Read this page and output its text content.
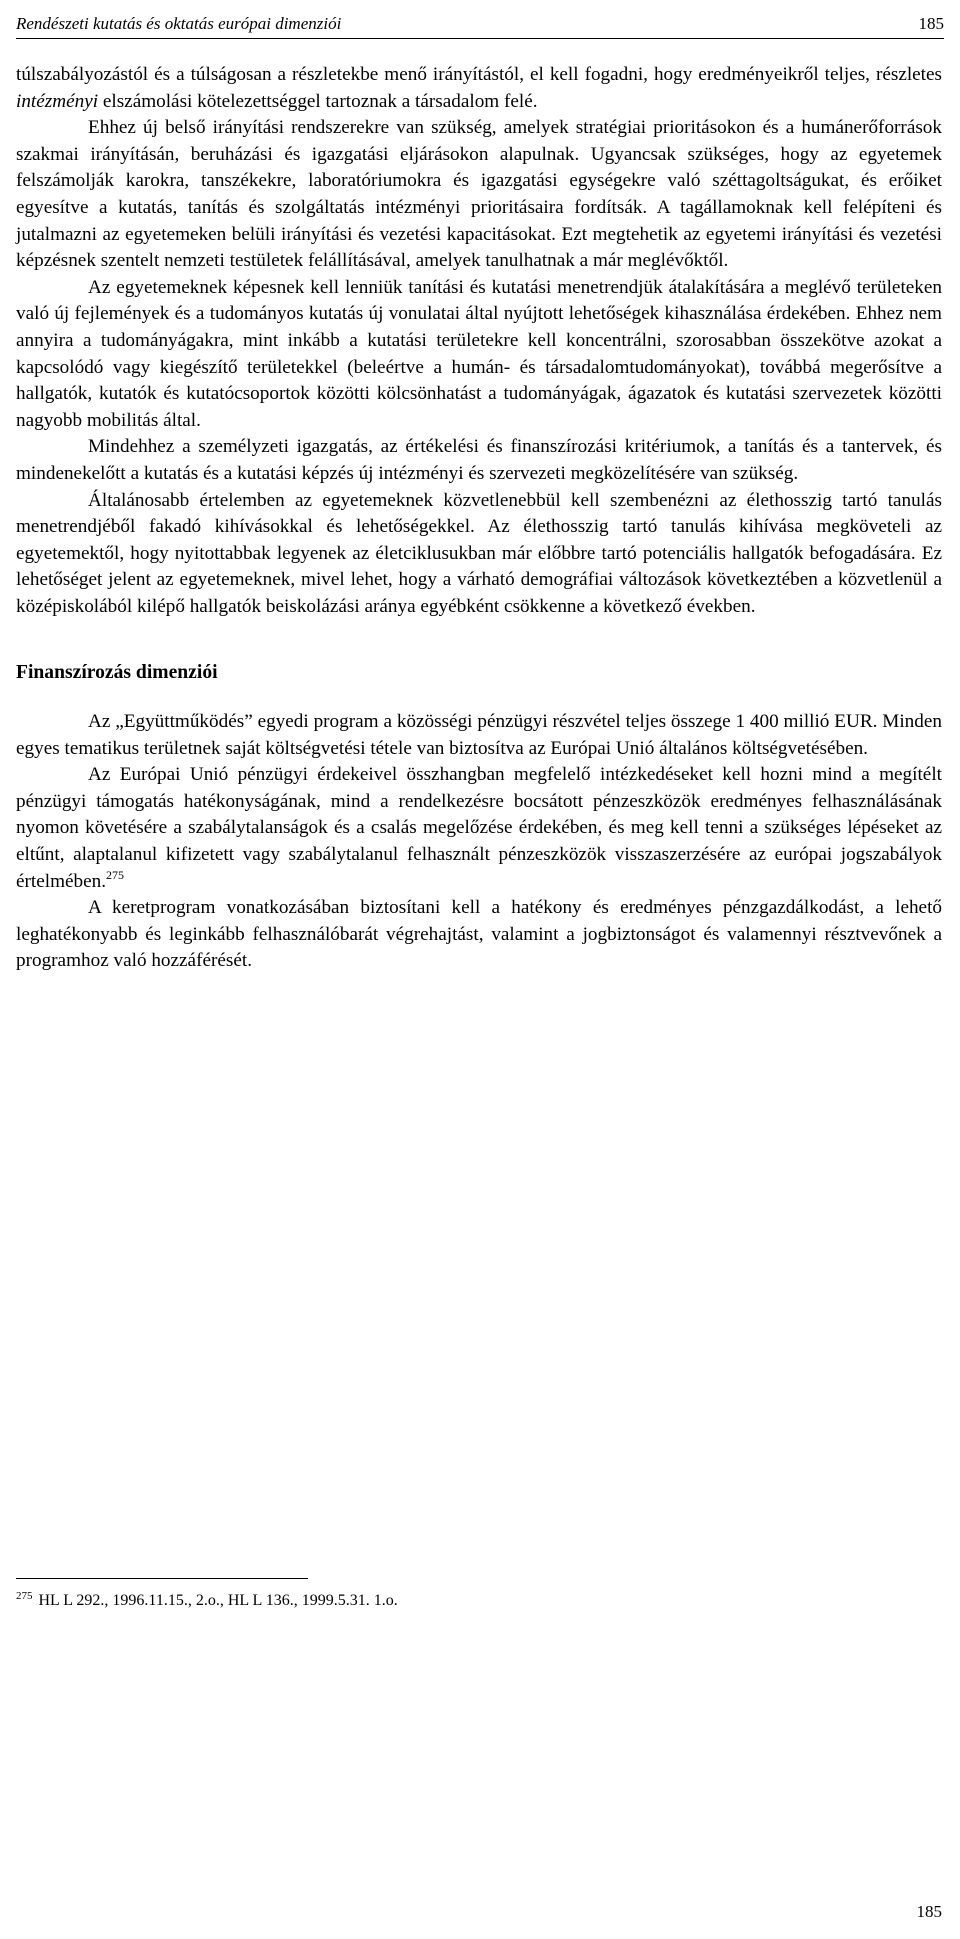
Rendészeti kutatás és oktatás európai dimenziói	185

túlszabályozástól és a túlságosan a részletekbe menő irányítástól, el kell fogadni, hogy eredményeikről teljes, részletes intézményi elszámolási kötelezettséggel tartoznak a társadalom felé.

Ehhez új belső irányítási rendszerekre van szükség, amelyek stratégiai prioritásokon és a humánerőforrások szakmai irányításán, beruházási és igazgatási eljárásokon alapulnak. Ugyancsak szükséges, hogy az egyetemek felszámolják karokra, tanszékekre, laboratóriumokra és igazgatási egységekre való széttagoltságukat, és erőiket egyesítve a kutatás, tanítás és szolgáltatás intézményi prioritásaira fordítsák. A tagállamoknak kell felépíteni és jutalmazni az egyetemeken belüli irányítási és vezetési kapacitásokat. Ezt megtehetik az egyetemi irányítási és vezetési képzésnek szentelt nemzeti testületek felállításával, amelyek tanulhatnak a már meglévőktől.

Az egyetemeknek képesnek kell lenniük tanítási és kutatási menetrendjük átalakítására a meglévő területeken való új fejlemények és a tudományos kutatás új vonulatai által nyújtott lehetőségek kihasználása érdekében. Ehhez nem annyira a tudományágakra, mint inkább a kutatási területekre kell koncentrálni, szorosabban összekötve azokat a kapcsolódó vagy kiegészítő területekkel (beleértve a humán- és társadalomtudományokat), továbbá megerősítve a hallgatók, kutatók és kutatócsoportok közötti kölcsönhatást a tudományágak, ágazatok és kutatási szervezetek közötti nagyobb mobilitás által.

Mindehhez a személyzeti igazgatás, az értékelési és finanszírozási kritériumok, a tanítás és a tantervek, és mindenekelőtt a kutatás és a kutatási képzés új intézményi és szervezeti megközelítésére van szükség.

Általánosabb értelemben az egyetemeknek közvetlenebbül kell szembenézni az élethosszig tartó tanulás menetrendjéből fakadó kihívásokkal és lehetőségekkel. Az élethosszig tartó tanulás kihívása megköveteli az egyetemektől, hogy nyitottabbak legyenek az életciklusukban már előbbre tartó potenciális hallgatók befogadására. Ez lehetőséget jelent az egyetemeknek, mivel lehet, hogy a várható demográfiai változások következtében a közvetlenül a középiskolából kilépő hallgatók beiskolázási aránya egyébként csökkenne a következő években.

Finanszírozás dimenziói

Az „Együttműködés” egyedi program a közösségi pénzügyi részvétel teljes összege 1 400 millió EUR. Minden egyes tematikus területnek saját költségvetési tétele van biztosítva az Európai Unió általános költségvetésében.

Az Európai Unió pénzügyi érdekeivel összhangban megfelelő intézkedéseket kell hozni mind a megítélt pénzügyi támogatás hatékonyságának, mind a rendelkezésre bocsátott pénzeszközök eredményes felhasználásának nyomon követésére a szabálytalanságok és a csalás megelőzése érdekében, és meg kell tenni a szükséges lépéseket az eltűnt, alaptalanul kifizetett vagy szabálytalanul felhasznált pénzeszközök visszaszerzésére az európai jogszabályok értelmében.$^{275}$

A keretprogram vonatkozásában biztosítani kell a hatékony és eredményes pénzgazdálkodást, a lehető leghatékonyabb és leginkább felhasználóbarát végrehajtást, valamint a jogbiztonságot és valamennyi résztvevőnek a programhoz való hozzáférését.

$^{275}$ HL L 292., 1996.11.15., 2.o., HL L 136., 1999.5.31. 1.o.
185
